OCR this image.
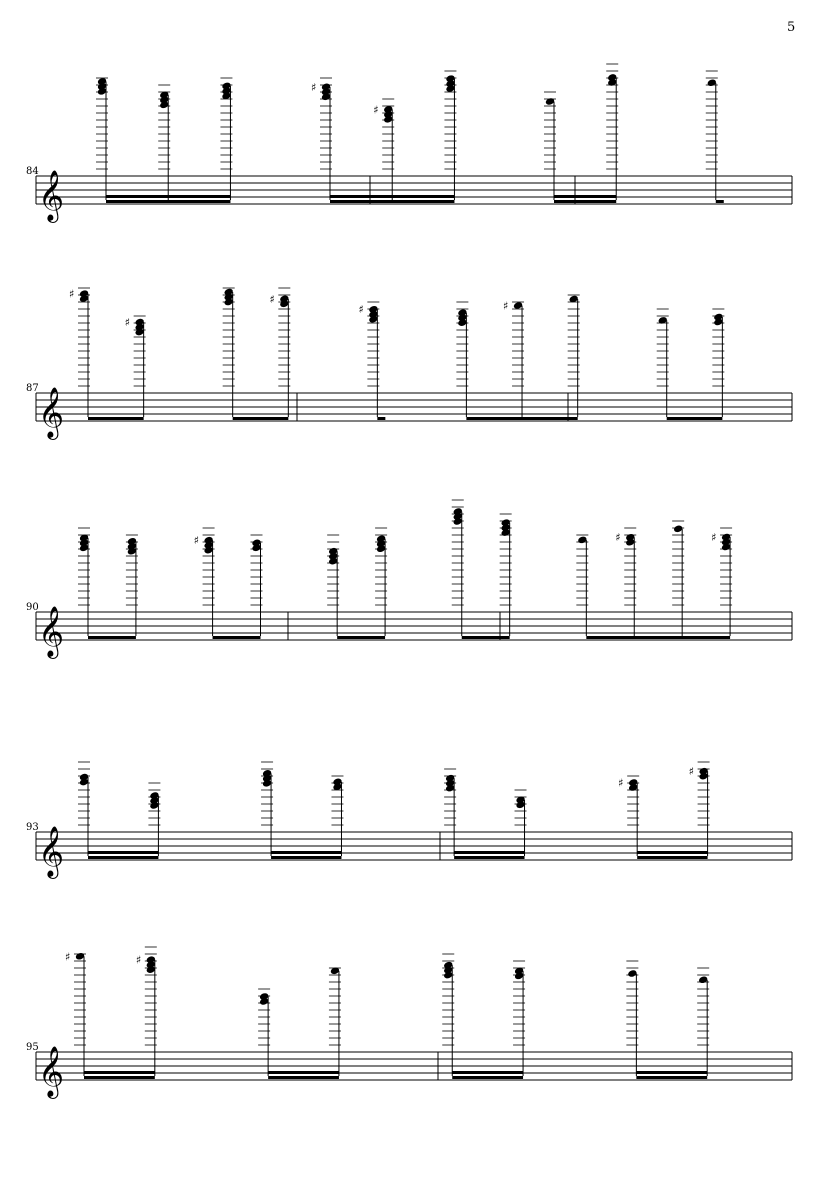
5
84 𝄞
♯
♯
87 𝄞
♯
♯
♯
♯	♯
90 𝄞
♯	♯	♯
93 𝄞
♯
♯
95 𝄞
♯	♯
